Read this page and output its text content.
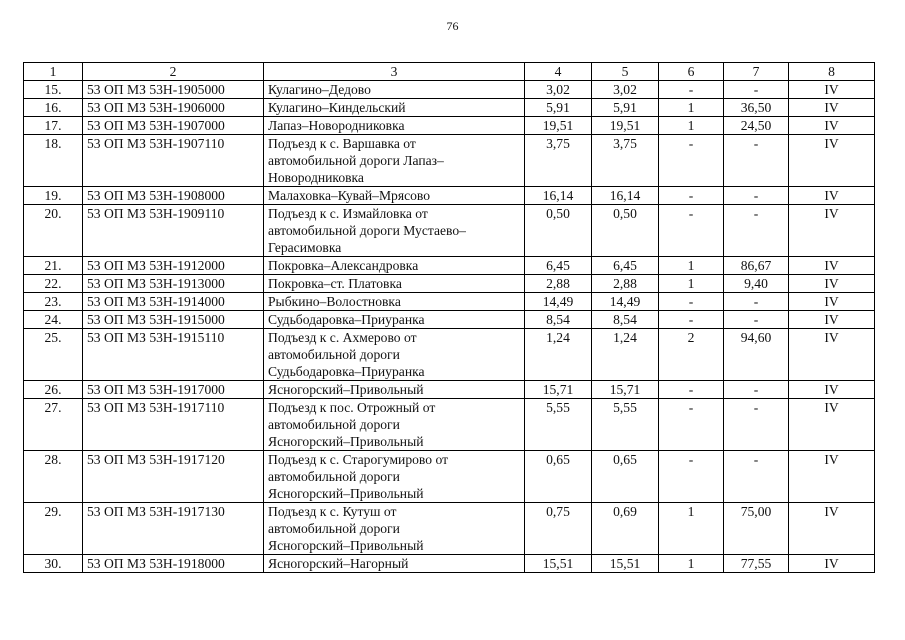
76
1	2	3	4	5	6	7	8
15.	53 ОП МЗ 53Н-1905000	Кулагино–Дедово	3,02	3,02	-	-	IV
16.	53 ОП МЗ 53Н-1906000	Кулагино–Киндельский	5,91	5,91	1	36,50	IV
17.	53 ОП МЗ 53Н-1907000	Лапаз–Новородниковка	19,51	19,51	1	24,50	IV
18.	53 ОП МЗ 53Н-1907110	Подъезд к с. Варшавка от
автомобильной дороги Лапаз–
Новородниковка	3,75	3,75	-	-	IV
19.	53 ОП МЗ 53Н-1908000	Малаховка–Кувай–Мрясово	16,14	16,14	-	-	IV
20.	53 ОП МЗ 53Н-1909110	Подъезд к с. Измайловка от
автомобильной дороги Мустаево–
Герасимовка	0,50	0,50	-	-	IV
21.	53 ОП МЗ 53Н-1912000	Покровка–Александровка	6,45	6,45	1	86,67	IV
22.	53 ОП МЗ 53Н-1913000	Покровка–ст. Платовка	2,88	2,88	1	9,40	IV
23.	53 ОП МЗ 53Н-1914000	Рыбкино–Волостновка	14,49	14,49	-	-	IV
24.	53 ОП МЗ 53Н-1915000	Судьбодаровка–Приуранка	8,54	8,54	-	-	IV
25.	53 ОП МЗ 53Н-1915110	Подъезд к с. Ахмерово от
автомобильной дороги
Судьбодаровка–Приуранка	1,24	1,24	2	94,60	IV
26.	53 ОП МЗ 53Н-1917000	Ясногорский–Привольный	15,71	15,71	-	-	IV
27.	53 ОП МЗ 53Н-1917110	Подъезд к пос. Отрожный от
автомобильной дороги
Ясногорский–Привольный	5,55	5,55	-	-	IV
28.	53 ОП МЗ 53Н-1917120	Подъезд к с. Старогумирово от
автомобильной дороги
Ясногорский–Привольный	0,65	0,65	-	-	IV
29.	53 ОП МЗ 53Н-1917130	Подъезд к с. Кутуш от
автомобильной дороги
Ясногорский–Привольный	0,75	0,69	1	75,00	IV
30.	53 ОП МЗ 53Н-1918000	Ясногорский–Нагорный	15,51	15,51	1	77,55	IV
